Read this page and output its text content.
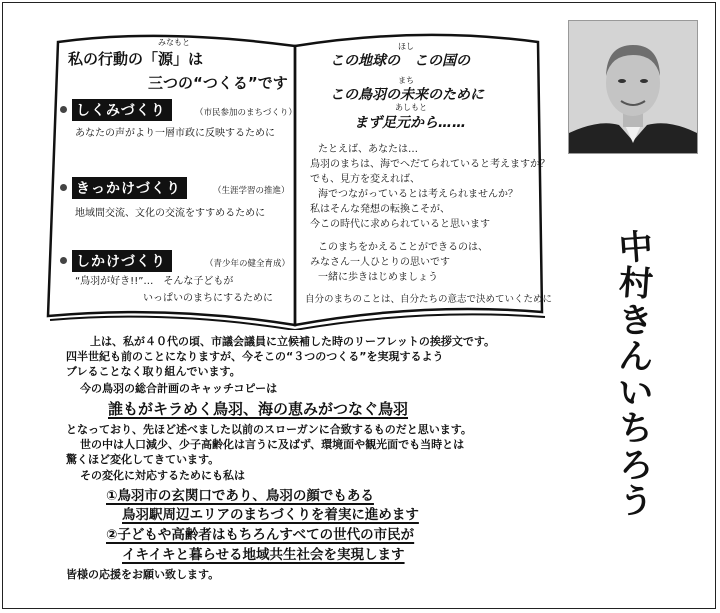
みなもと
私の行動の「源」は
三つの“つくる”です
しくみづくり	（市民参加のまちづくり）
あなたの声がより一層市政に反映するために
きっかけづくり	（生涯学習の推進）
地域間交流、文化の交流をすすめるために
しかけづくり	（青少年の健全育成）
“鳥羽が好き!!”…　そんな子どもが
いっぱいのまちにするために
ほし
この地球の　この国の
まち
この鳥羽の未来のために
あしもと
まず足元から……
たとえば、あなたは…
鳥羽のまちは、海でへだてられていると考えますか？
でも、見方を変えれば、
海でつながっているとは考えられませんか？
私はそんな発想の転換こそが、
今この時代に求められていると思います
このまちをかえることができるのは、
みなさん一人ひとりの思いです
一緒に歩きはじめましょう
自分のまちのことは、自分たちの意志で決めていくために
中
村
き
ん
い
ち
ろ
う
上は、私が４０代の頃、市議会議員に立候補した時のリーフレットの挨拶文です。
四半世紀も前のことになりますが、今そこの“３つのつくる”を実現するよう
ブレることなく取り組んでいます。
今の鳥羽の総合計画のキャッチコピーは
誰もがキラめく鳥羽、海の恵みがつなぐ鳥羽
となっており、先ほど述べました以前のスローガンに合致するものだと思います。
世の中は人口減少、少子高齢化は言うに及ばず、環境面や観光面でも当時とは
驚くほど変化してきています。
その変化に対応するためにも私は
①鳥羽市の玄関口であり、鳥羽の顔でもある
鳥羽駅周辺エリアのまちづくりを着実に進めます
②子どもや高齢者はもちろんすべての世代の市民が
イキイキと暮らせる地域共生社会を実現します
皆様の応援をお願い致します。
